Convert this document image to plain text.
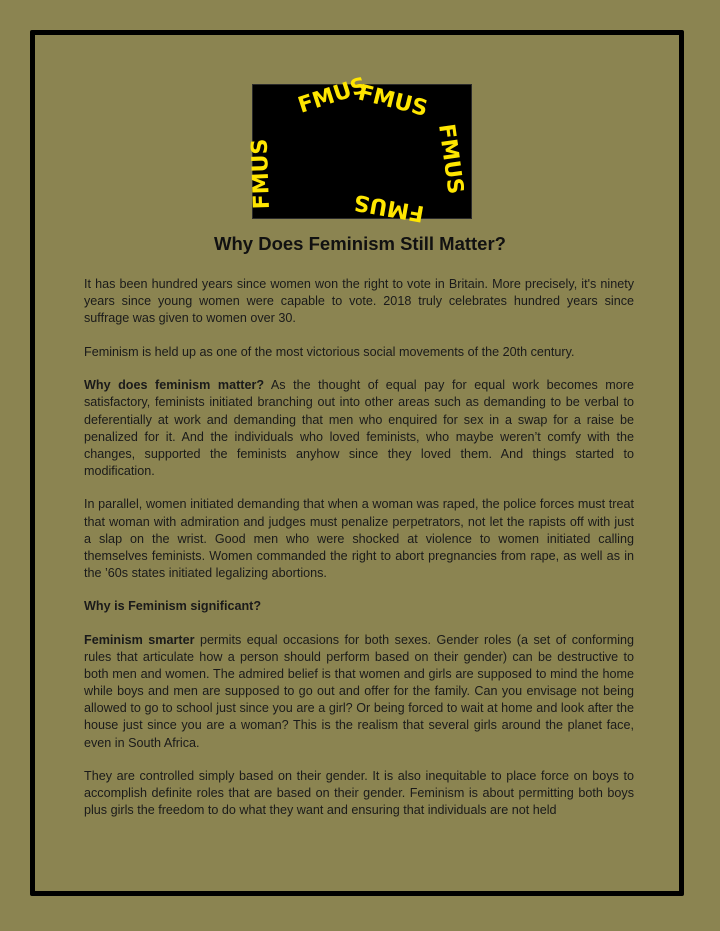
FMUS
FMUS
FMUS
FMUS
FMUS
Why Does Feminism Still Matter?

It has been hundred years since women won the right to vote in Britain. More precisely, it's ninety years since young women were capable to vote. 2018 truly celebrates hundred years since suffrage was given to women over 30.

Feminism is held up as one of the most victorious social movements of the 20th century.

Why does feminism matter? As the thought of equal pay for equal work becomes more satisfactory, feminists initiated branching out into other areas such as demanding to be verbal to deferentially at work and demanding that men who enquired for sex in a swap for a raise be penalized for it. And the individuals who loved feminists, who maybe weren’t comfy with the changes, supported the feminists anyhow since they loved them. And things started to modification.

In parallel, women initiated demanding that when a woman was raped, the police forces must treat that woman with admiration and judges must penalize perpetrators, not let the rapists off with just a slap on the wrist. Good men who were shocked at violence to women initiated calling themselves feminists. Women commanded the right to abort pregnancies from rape, as well as in the ’60s states initiated legalizing abortions.

Why is Feminism significant?

Feminism smarter permits equal occasions for both sexes. Gender roles (a set of conforming rules that articulate how a person should perform based on their gender) can be destructive to both men and women. The admired belief is that women and girls are supposed to mind the home while boys and men are supposed to go out and offer for the family. Can you envisage not being allowed to go to school just since you are a girl? Or being forced to wait at home and look after the house just since you are a woman? This is the realism that several girls around the planet face, even in South Africa.

They are controlled simply based on their gender. It is also inequitable to place force on boys to accomplish definite roles that are based on their gender. Feminism is about permitting both boys plus girls the freedom to do what they want and ensuring that individuals are not held
